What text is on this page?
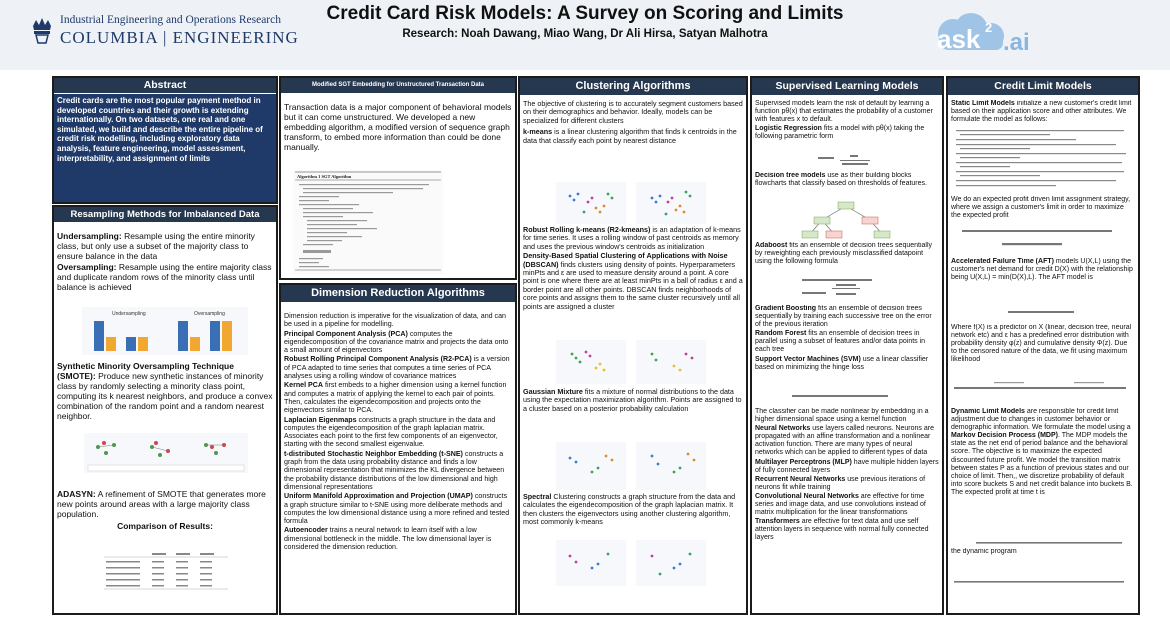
Industrial Engineering and Operations Research
COLUMBIA | ENGINEERING
Credit Card Risk Models: A Survey on Scoring and Limits
Research: Noah Dawang, Miao Wang, Dr Ali Hirsa, Satyan Malhotra	ask 2
.ai
Abstract
Credit cards are the most popular payment method in developed countries and their growth is extending internationally. On two datasets, one real and one simulated, we build and describe the entire pipeline of credit risk modelling, including exploratory data analysis, feature engineering, model assessment, interpretability, and assignment of limits
Resampling Methods for Imbalanced Data

Undersampling: Resample using the entire minority class, but only use a subset of the majority class to ensure balance in the data

Oversampling: Resample using the entire majority class and duplicate random rows of the minority class until balance is achieved

Undersampling	Oversampling

Synthetic Minority Oversampling Technique (SMOTE): Produce new synthetic instances of minority class by randomly selecting a minority class point, computing its k nearest neighbors, and produce a convex combination of the random point and a random nearest neighbor.

ADASYN: A refinement of SMOTE that generates more new points around areas with a large majority class population.

Comparison of Results:

Modified SGT Embedding for Unstructured Transaction Data
Transaction data is a major component of behavioral models but it can come unstructured. We developed a new embedding algorithm, a modified version of sequence graph transform, to embed more information than could be done manually.
Algorithm 1 SGT Algorithm
Dimension Reduction Algorithms

Dimension reduction is imperative for the visualization of data, and can be used in a pipeline for modelling.

Principal Component Analysis (PCA) computes the eigendecomposition of the covariance matrix and projects the data onto a small amount of eigenvectors

Robust Rolling Principal Component Analysis (R2-PCA) is a version of PCA adapted to time series that computes a time series of PCA analyses using a rolling window of covariance matrices

Kernel PCA first embeds to a higher dimension using a kernel function and computes a matrix of applying the kernel to each pair of points. Then, calculates the eigendecomposition and projects onto the eigenvectors similar to PCA.

Laplacian Eigenmaps constructs a graph structure in the data and computes the eigendecomposition of the graph laplacian matrix. Associates each point to the first few components of an eigenvector, starting with the second smallest eigenvalue.

t-distributed Stochastic Neighbor Embedding (t-SNE) constructs a graph from the data using probability distance and finds a low dimensional representation that minimizes the KL divergence between the probability distance distributions of the low dimensional and high dimensional representations

Uniform Manifold Approximation and Projection (UMAP) constructs a graph structure similar to t-SNE using more deliberate methods and computes the low dimensional distance using a more refined and tested formula

Autoencoder trains a neural network to learn itself with a low dimensional bottleneck in the middle. The low dimensional layer is considered the dimension reduction.

Clustering Algorithms

The objective of clustering is to accurately segment customers based on their demographics and behavior. Ideally, models can be specialized for different clusters

k-means is a linear clustering algorithm that finds k centroids in the data that classify each point by nearest distance

Robust Rolling k-means (R2-kmeans) is an adaptation of k-means for time series. It uses a rolling window of past centroids as memory and uses the previous window's centroids as initialization

Density-Based Spatial Clustering of Applications with Noise (DBSCAN) finds clusters using density of points. Hyperparameters minPts and ε are used to measure density around a point. A core point is one where there are at least minPts in a ball of radius ε and a border point are all other points. DBSCAN finds neighborhoods of core points and assigns them to the same cluster recursively until all points are assigned a cluster

Gaussian Mixture fits a mixture of normal distributions to the data using the expectation maximization algorithm. Points are assigned to a cluster based on a posterior probability calculation

Spectral Clustering constructs a graph structure from the data and calculates the eigendecomposition of the graph laplacian matrix. It then clusters the eigenvectors using another clustering algorithm, most commonly k-means

Supervised Learning Models

Supervised models learn the risk of default by learning a function pθ(x) that estimates the probability of a customer with features x to default.

Logistic Regression fits a model with pθ(x) taking the following parametric form

Decision tree models use as their building blocks flowcharts that classify based on thresholds of features.

Adaboost fits an ensemble of decision trees sequentially by reweighting each previously misclassified datapoint using the following formula

Gradient Boosting fits an ensemble of decision trees sequentially by training each successive tree on the error of the previous iteration

Random Forest fits an ensemble of decision trees in parallel using a subset of features and/or data points in each tree

Support Vector Machines (SVM) use a linear classifier based on minimizing the hinge loss

The classifier can be made nonlinear by embedding in a higher dimensional space using a kernel function

Neural Networks use layers called neurons. Neurons are propagated with an affine transformation and a nonlinear activation function. There are many types of neural networks which can be applied to different types of data

Multilayer Perceptrons (MLP) have multiple hidden layers of fully connected layers

Recurrent Neural Networks use previous iterations of neurons fit while training

Convolutional Neural Networks are effective for time series and image data, and use convolutions instead of matrix multiplication for the linear transformations

Transformers are effective for text data and use self attention layers in sequence with normal fully connected layers

Credit Limit Models

Static Limit Models initialize a new customer's credit limit based on their application score and other attributes. We formulate the model as follows:

We do an expected profit driven limit assignment strategy, where we assign a customer's limit in order to maximize the expected profit

Accelerated Failure Time (AFT) models U(X,L) using the customer's net demand for credit D(X) with the relationship being U(X,L) = min(D(X),L). The AFT model is

Where f(X) is a predictor on X (linear, decision tree, neural network etc) and ε has a predefined error distribution with probability density φ(z) and cumulative density Φ(z). Due to the censored nature of the data, we fit using maximum likelihood

Dynamic Limit Models are responsible for credit limit adjustment due to changes in customer behavior or demographic information. We formulate the model using a Markov Decision Process (MDP). The MDP models the state as the net end of period balance and the behavioral score. The objective is to maximize the expected discounted future profit. We model the transition matrix between states P as a function of previous states and our choice of limit. Then,, we discretize probability of default into score buckets S and net credit balance into buckets B. The expected profit at time t is

the dynamic program
